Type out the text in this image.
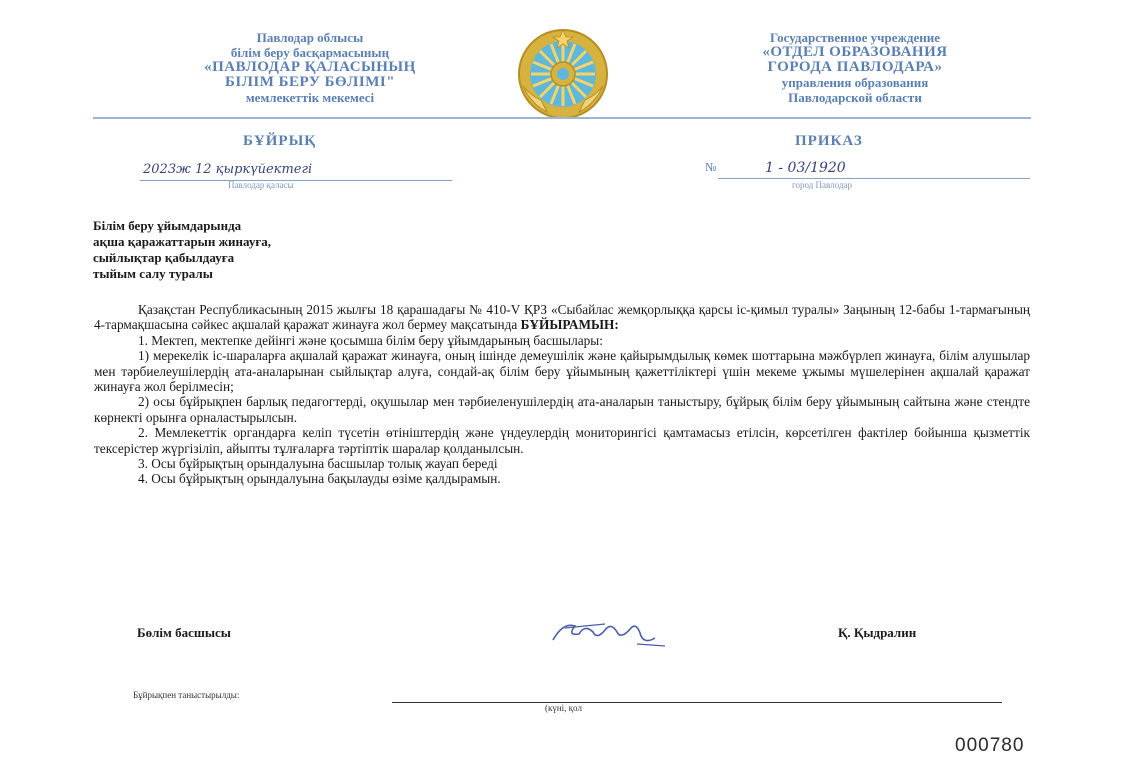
Павлодар облысы
білім беру басқармасының
«ПАВЛОДАР ҚАЛАСЫНЫҢ
БІЛІМ БЕРУ БӨЛІМІ"
мемлекеттік мекемесі
Государственное учреждение
«ОТДЕЛ ОБРАЗОВАНИЯ
ГОРОДА ПАВЛОДАРА»
управления образования
Павлодарской области
БҰЙРЫҚ	ПРИКАЗ
2023ж 12 қыркүйектегі	№	1 - 03/1920
Павлодар қаласы	город Павлодар
Білім беру ұйымдарында
ақша қаражаттарын жинауға,
сыйлықтар қабылдауға
тыйым салу туралы

Қазақстан Республикасының 2015 жылғы 18 қарашадағы № 410-V ҚРЗ «Сыбайлас жемқорлыққа қарсы іс-қимыл туралы» Заңының 12-бабы 1-тармағының 4-тармақшасына сәйкес ақшалай қаражат жинауға жол бермеу мақсатында БҰЙЫРАМЫН:

1. Мектеп, мектепке дейінгі және қосымша білім беру ұйымдарының басшылары:

1) мерекелік іс-шараларға ақшалай қаражат жинауға, оның ішінде демеушілік және қайырымдылық көмек шоттарына мәжбүрлеп жинауға, білім алушылар мен тәрбиелеушілердің ата-аналарынан сыйлықтар алуға, сондай-ақ білім беру ұйымының қажеттіліктері үшін мекеме ұжымы мүшелерінен ақшалай қаражат жинауға жол берілмесін;

2) осы бұйрықпен барлық педагогтерді, оқушылар мен тәрбиеленушілердің ата-аналарын таныстыру, бұйрық білім беру ұйымының сайтына және стендте көрнекті орынға орналастырылсын.

2. Мемлекеттік органдарға келіп түсетін өтініштердің және үндеулердің мониторингісі қамтамасыз етілсін, көрсетілген фактілер бойынша қызметтік тексерістер жүргізіліп, айыпты тұлғаларға тәртіптік шаралар қолданылсын.

3. Осы бұйрықтың орындалуына басшылар толық жауап береді

4. Осы бұйрықтың орындалуына бақылауды өзіме қалдырамын.

Бөлім басшысы	Қ. Қыдралин
Бұйрықпен таныстырылды:
(күні, қол
000780
